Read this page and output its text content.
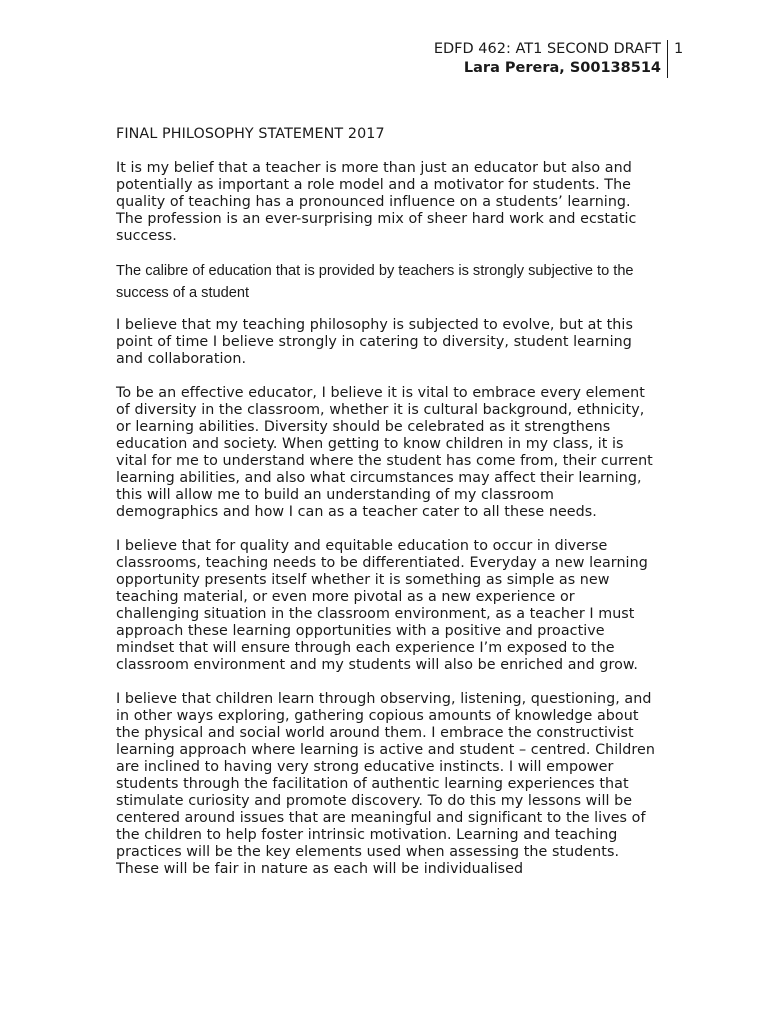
EDFD 462: AT1 SECOND DRAFT
Lara Perera, S00138514
1
FINAL PHILOSOPHY STATEMENT 2017

It is my belief that a teacher is more than just an educator but also and potentially as important a role model and a motivator for students. The quality of teaching has a pronounced influence on a students’ learning. The profession is an ever-surprising mix of sheer hard work and ecstatic success.

The calibre of education that is provided by teachers is strongly subjective to the success of a student

I believe that my teaching philosophy is subjected to evolve, but at this point of time I believe strongly in catering to diversity, student learning and collaboration.

To be an effective educator, I believe it is vital to embrace every element of diversity in the classroom, whether it is cultural background, ethnicity, or learning abilities. Diversity should be celebrated as it strengthens education and society. When getting to know children in my class, it is vital for me to understand where the student has come from, their current learning abilities, and also what circumstances may affect their learning, this will allow me to build an understanding of my classroom demographics and how I can as a teacher cater to all these needs.

I believe that for quality and equitable education to occur in diverse classrooms, teaching needs to be differentiated. Everyday a new learning opportunity presents itself whether it is something as simple as new teaching material, or even more pivotal as a new experience or challenging situation in the classroom environment, as a teacher I must approach these learning opportunities with a positive and proactive mindset that will ensure through each experience I’m exposed to the classroom environment and my students will also be enriched and grow.

I believe that children learn through observing, listening, questioning, and in other ways exploring, gathering copious amounts of knowledge about the physical and social world around them. I embrace the constructivist learning approach where learning is active and student – centred. Children are inclined to having very strong educative instincts. I will empower students through the facilitation of authentic learning experiences that stimulate curiosity and promote discovery. To do this my lessons will be centered around issues that are meaningful and significant to the lives of the children to help foster intrinsic motivation. Learning and teaching practices will be the key elements used when assessing the students. These will be fair in nature as each will be individualised
